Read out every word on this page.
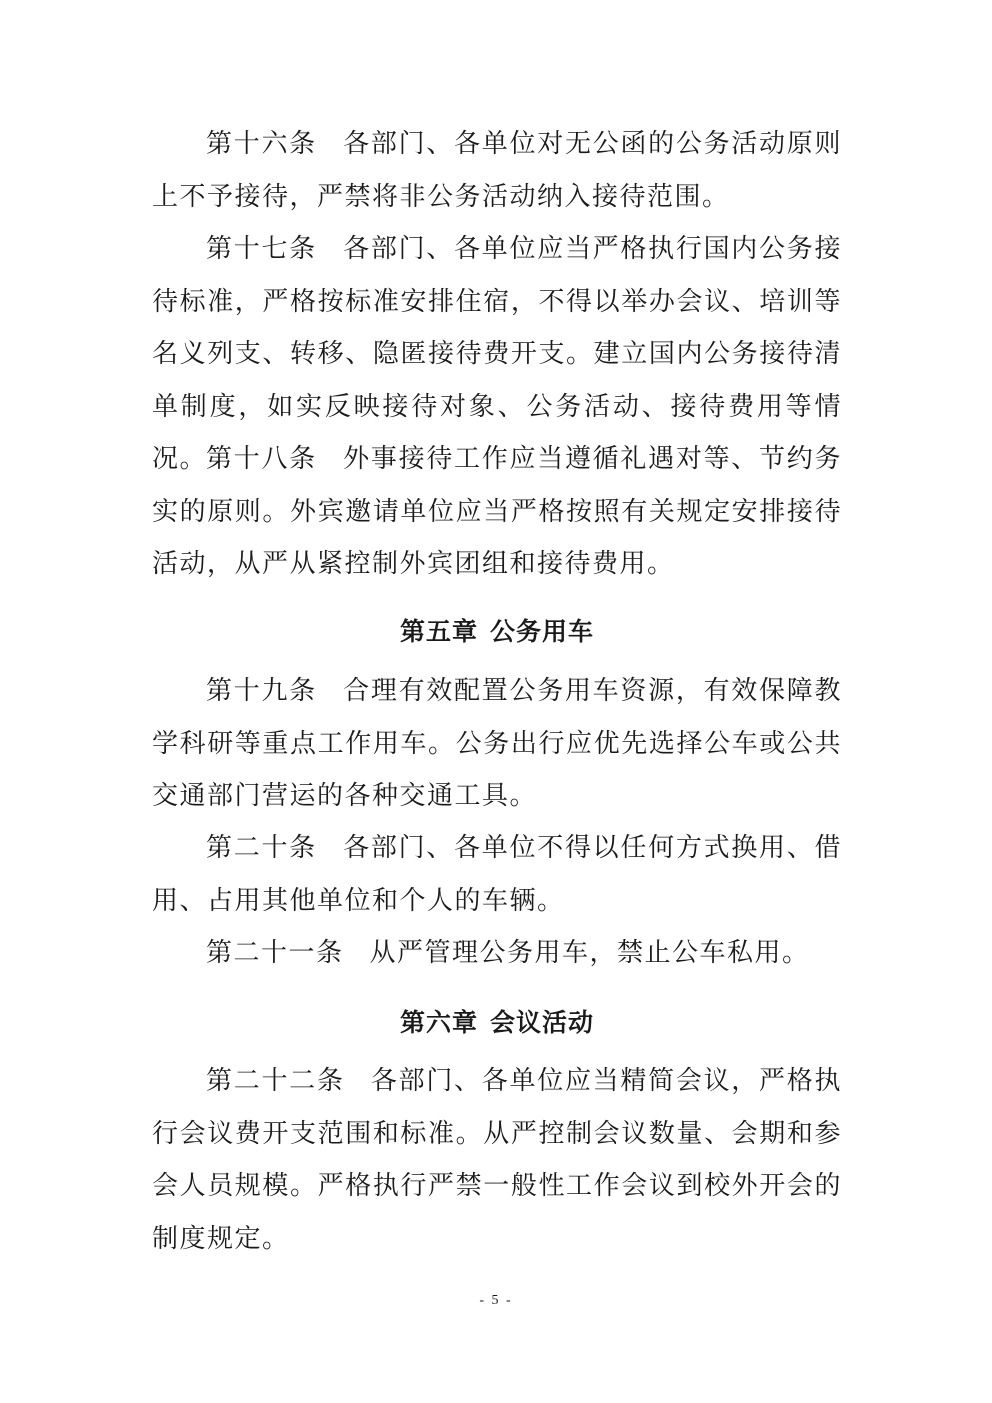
第十六条 各部门、各单位对无公函的公务活动原则上不予接待，严禁将非公务活动纳入接待范围。

第十七条 各部门、各单位应当严格执行国内公务接待标准，严格按标准安排住宿，不得以举办会议、培训等名义列支、转移、隐匿接待费开支。建立国内公务接待清单制度，如实反映接待对象、公务活动、接待费用等情况。

第十八条 外事接待工作应当遵循礼遇对等、节约务实的原则。外宾邀请单位应当严格按照有关规定安排接待活动，从严从紧控制外宾团组和接待费用。

第五章 公务用车

第十九条 合理有效配置公务用车资源，有效保障教学科研等重点工作用车。公务出行应优先选择公车或公共交通部门营运的各种交通工具。

第二十条 各部门、各单位不得以任何方式换用、借用、占用其他单位和个人的车辆。

第二十一条 从严管理公务用车，禁止公车私用。

第六章 会议活动

第二十二条 各部门、各单位应当精简会议，严格执行会议费开支范围和标准。从严控制会议数量、会期和参会人员规模。严格执行严禁一般性工作会议到校外开会的制度规定。

- 5 -
